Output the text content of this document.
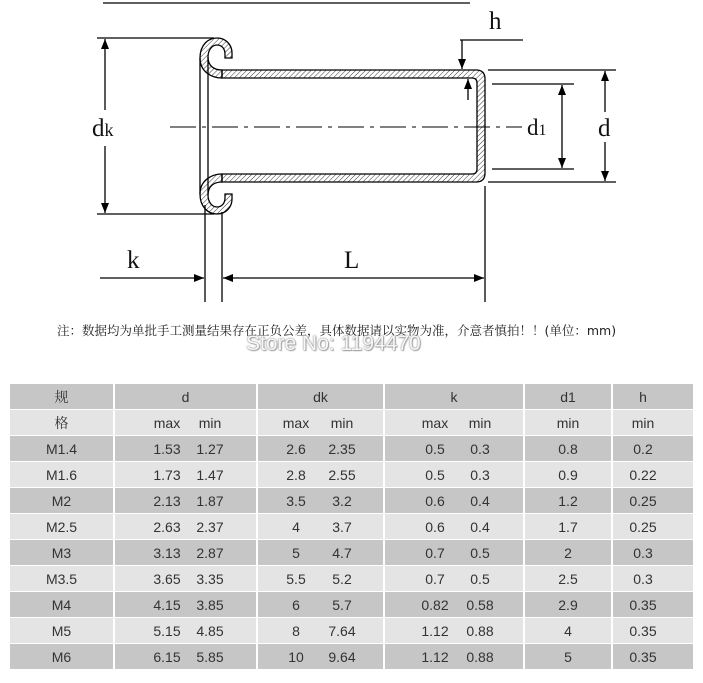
dk	d
d1
h
k	L
注：数据均为单批手工测量结果存在正负公差，具体数据请以实物为准，介意者慎拍！！(单位：mm)
Store No: 1194470
规	d	dk	k	d1	h
格	max	min	max	min	max	min	min	min
M1.4	1.53	1.27	2.6	2.35	0.5	0.3	0.8	0.2
M1.6	1.73	1.47	2.8	2.55	0.5	0.3	0.9	0.22
M2	2.13	1.87	3.5	3.2	0.6	0.4	1.2	0.25
M2.5	2.63	2.37	4	3.7	0.6	0.4	1.7	0.25
M3	3.13	2.87	5	4.7	0.7	0.5	2	0.3
M3.5	3.65	3.35	5.5	5.2	0.7	0.5	2.5	0.3
M4	4.15	3.85	6	5.7	0.82	0.58	2.9	0.35
M5	5.15	4.85	8	7.64	1.12	0.88	4	0.35
M6	6.15	5.85	10	9.64	1.12	0.88	5	0.35
